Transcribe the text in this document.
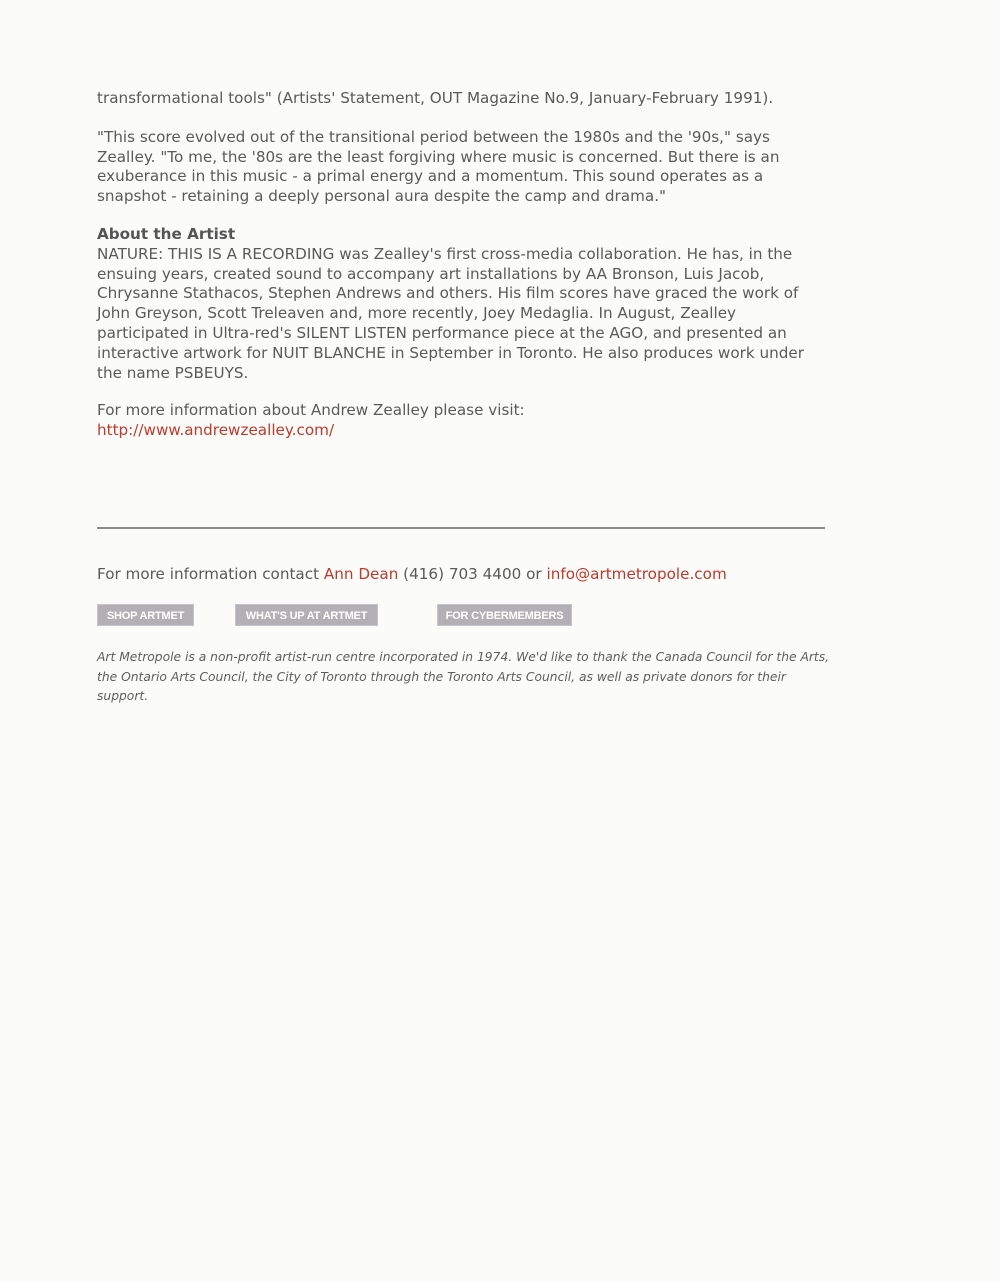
transformational tools" (Artists' Statement, OUT Magazine No.9, January-February 1991).

"This score evolved out of the transitional period between the 1980s and the '90s," says Zealley. "To me, the '80s are the least forgiving where music is concerned. But there is an exuberance in this music - a primal energy and a momentum. This sound operates as a snapshot - retaining a deeply personal aura despite the camp and drama."

About the Artist

NATURE: THIS IS A RECORDING was Zealley's first cross-media collaboration. He has, in the ensuing years, created sound to accompany art installations by AA Bronson, Luis Jacob, Chrysanne Stathacos, Stephen Andrews and others. His film scores have graced the work of John Greyson, Scott Treleaven and, more recently, Joey Medaglia. In August, Zealley participated in Ultra-red's SILENT LISTEN performance piece at the AGO, and presented an interactive artwork for NUIT BLANCHE in September in Toronto. He also produces work under the name PSBEUYS.

For more information about Andrew Zealley please visit:
http://www.andrewzealley.com/

For more information contact Ann Dean (416) 703 4400 or info@artmetropole.com
SHOP ARTMET	WHAT'S UP AT ARTMET	FOR CYBERMEMBERS
Art Metropole is a non-profit artist-run centre incorporated in 1974. We'd like to thank the Canada Council for the Arts, the Ontario Arts Council, the City of Toronto through the Toronto Arts Council, as well as private donors for their support.
